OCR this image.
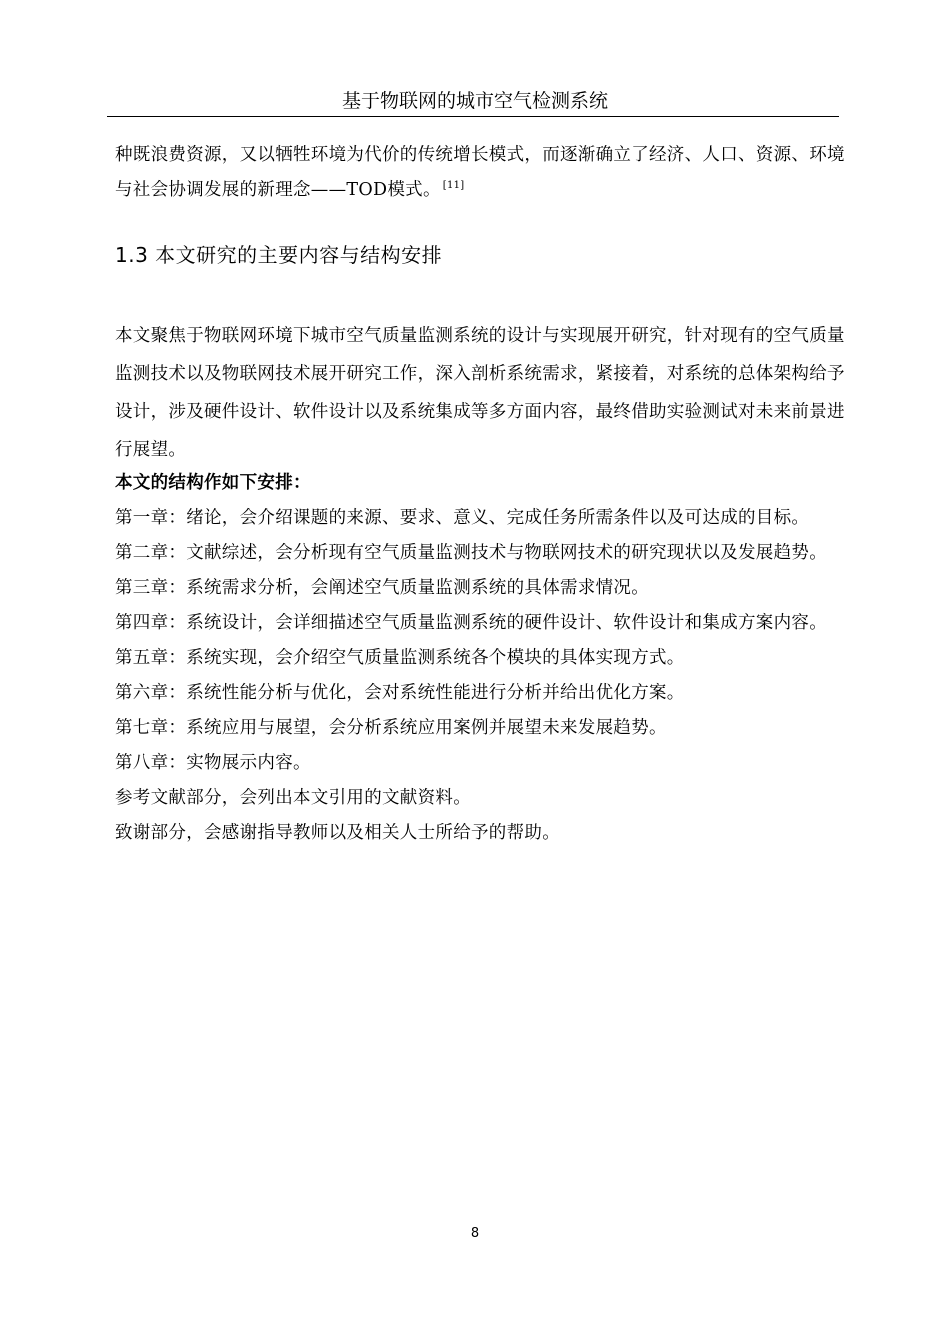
基于物联网的城市空气检测系统
种既浪费资源，又以牺牲环境为代价的传统增长模式，而逐渐确立了经济、人口、资源、环境与社会协调发展的新理念——TOD模式。 [11]
1.3 本文研究的主要内容与结构安排
本文聚焦于物联网环境下城市空气质量监测系统的设计与实现展开研究，针对现有的空气质量监测技术以及物联网技术展开研究工作，深入剖析系统需求，紧接着，对系统的总体架构给予设计，涉及硬件设计、软件设计以及系统集成等多方面内容，最终借助实验测试对未来前景进行展望。
本文的结构作如下安排：
第一章：绪论，会介绍课题的来源、要求、意义、完成任务所需条件以及可达成的目标。
第二章：文献综述，会分析现有空气质量监测技术与物联网技术的研究现状以及发展趋势。
第三章：系统需求分析，会阐述空气质量监测系统的具体需求情况。
第四章：系统设计，会详细描述空气质量监测系统的硬件设计、软件设计和集成方案内容。
第五章：系统实现，会介绍空气质量监测系统各个模块的具体实现方式。
第六章：系统性能分析与优化，会对系统性能进行分析并给出优化方案。
第七章：系统应用与展望，会分析系统应用案例并展望未来发展趋势。
第八章：实物展示内容。
参考文献部分，会列出本文引用的文献资料。
致谢部分，会感谢指导教师以及相关人士所给予的帮助。
8
